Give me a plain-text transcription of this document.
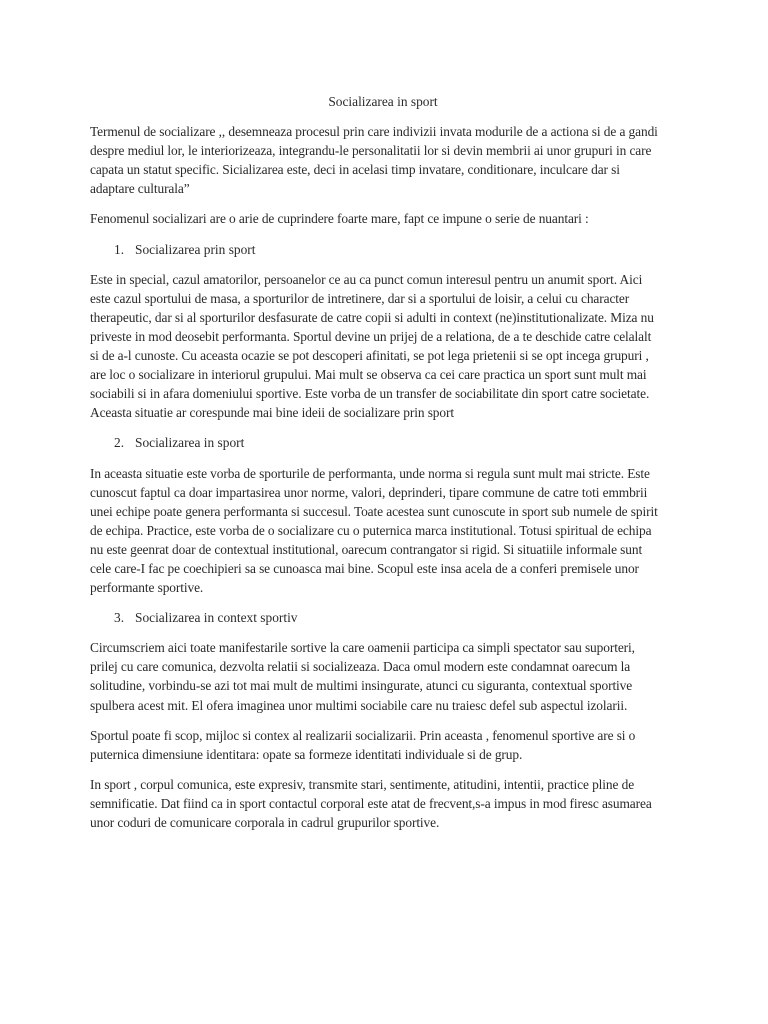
Socializarea in sport

Termenul de socializare ,, desemneaza procesul prin care indivizii invata modurile de a actiona si de a gandi despre mediul lor, le interiorizeaza, integrandu-le personalitatii lor si devin membrii ai unor grupuri in care capata un statut specific. Sicializarea este, deci in acelasi timp invatare, conditionare, inculcare dar si adaptare culturala”

Fenomenul socializari are o arie de cuprindere foarte mare, fapt ce impune o serie de nuantari :

1. Socializarea prin sport

Este in special, cazul amatorilor, persoanelor ce au ca punct comun interesul pentru un anumit sport. Aici este cazul sportului de masa, a sporturilor de intretinere, dar si a sportului de loisir, a celui cu character therapeutic, dar si al sporturilor desfasurate de catre copii si adulti in context (ne)institutionalizate. Miza nu priveste in mod deosebit performanta. Sportul devine un prijej de a relationa, de a te deschide catre celalalt si de a-l cunoste. Cu aceasta ocazie se pot descoperi afinitati, se pot lega prietenii si se opt incega grupuri , are loc o socializare in interiorul grupului. Mai mult se observa ca cei care practica un sport sunt mult mai sociabili si in afara domeniului sportive. Este vorba de un transfer de sociabilitate din sport catre societate. Aceasta situatie ar corespunde mai bine ideii de socializare prin sport

2. Socializarea in sport

In aceasta situatie este vorba de sporturile de performanta, unde norma si regula sunt mult mai stricte. Este cunoscut faptul ca doar impartasirea unor norme, valori, deprinderi, tipare commune de catre toti emmbrii unei echipe poate genera performanta si succesul. Toate acestea sunt cunoscute in sport sub numele de spirit de echipa. Practice, este vorba de o socializare cu o puternica marca institutional. Totusi spiritual de echipa nu este geenrat doar de contextual institutional, oarecum contrangator si rigid. Si situatiile informale sunt cele care-I fac pe coechipieri sa se cunoasca mai bine. Scopul este insa acela de a conferi premisele unor performante sportive.

3. Socializarea in context sportiv

Circumscriem aici toate manifestarile sortive la care oamenii participa ca simpli spectator sau suporteri, prilej cu care comunica, dezvolta relatii si socializeaza. Daca omul modern este condamnat oarecum la solitudine, vorbindu-se azi tot mai mult de multimi insingurate, atunci cu siguranta, contextual sportive spulbera acest mit. El ofera imaginea unor multimi sociabile care nu traiesc defel sub aspectul izolarii.

Sportul poate fi scop, mijloc si contex al realizarii socializarii. Prin aceasta , fenomenul sportive are si o puternica dimensiune identitara: opate sa formeze identitati individuale si de grup.

In sport , corpul comunica, este expresiv, transmite stari, sentimente, atitudini, intentii, practice pline de semnificatie. Dat fiind ca in sport contactul corporal este atat de frecvent,s-a impus in mod firesc asumarea unor coduri de comunicare corporala in cadrul grupurilor sportive.
